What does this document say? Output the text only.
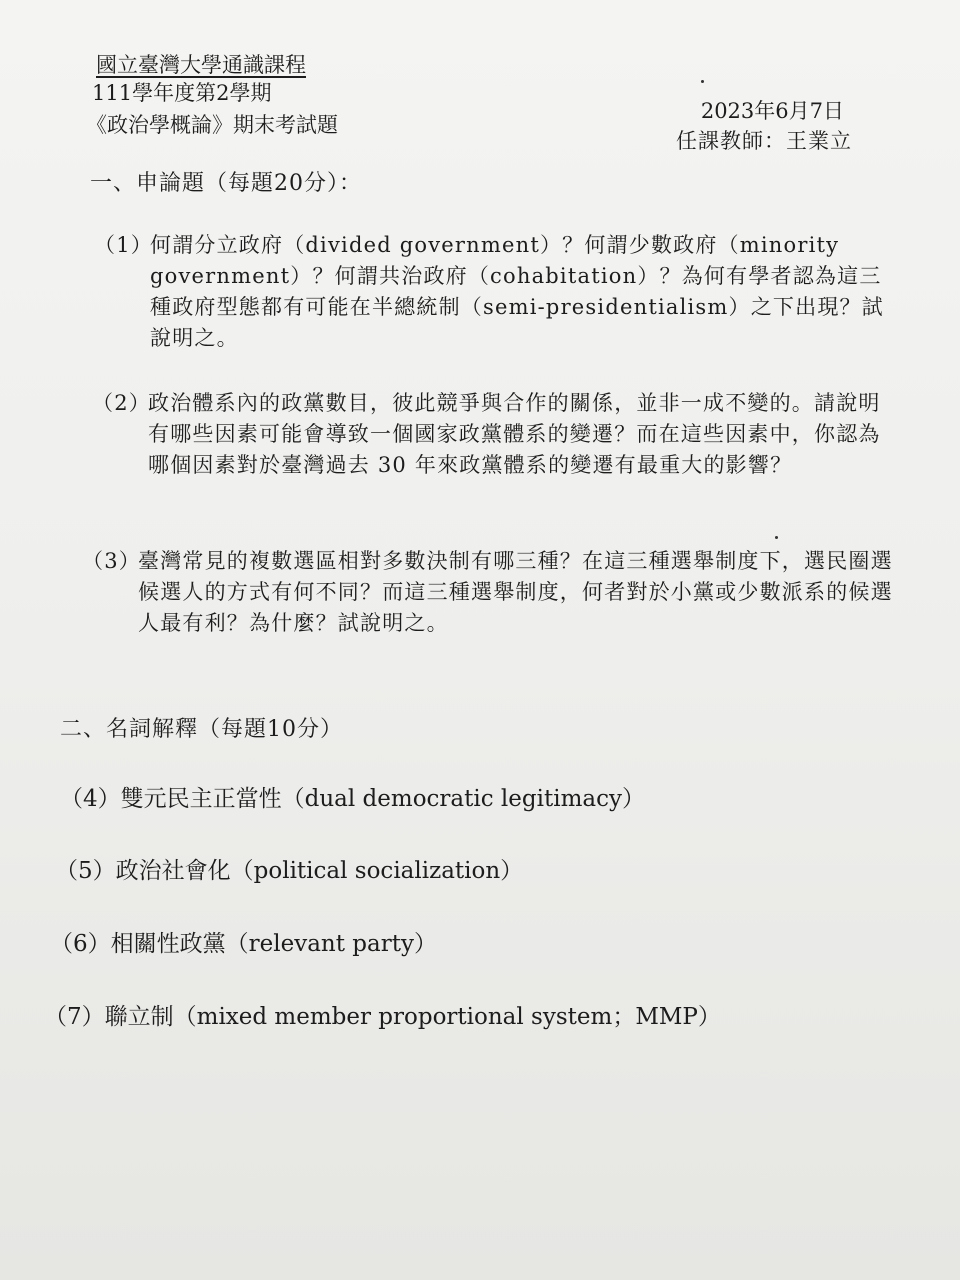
國立臺灣大學通識課程
111學年度第2學期
《政治學概論》期末考試題
2023年6月7日
任課教師：王業立
一、申論題（每題20分）：
（1）
何謂分立政府（divided government）？何謂少數政府（minority government）？何謂共治政府（cohabitation）？為何有學者認為這三種政府型態都有可能在半總統制（semi-presidentialism）之下出現？試說明之。
（2）
政治體系內的政黨數目，彼此競爭與合作的關係，並非一成不變的。請說明有哪些因素可能會導致一個國家政黨體系的變遷？而在這些因素中，你認為哪個因素對於臺灣過去 30 年來政黨體系的變遷有最重大的影響？
（3）
臺灣常見的複數選區相對多數決制有哪三種？在這三種選舉制度下，選民圈選候選人的方式有何不同？而這三種選舉制度，何者對於小黨或少數派系的候選人最有利？為什麼？試說明之。
二、名詞解釋（每題10分）
（4）雙元民主正當性（dual democratic legitimacy）
（5）政治社會化（political socialization）
（6）相關性政黨（relevant party）
（7）聯立制（mixed member proportional system；MMP）
